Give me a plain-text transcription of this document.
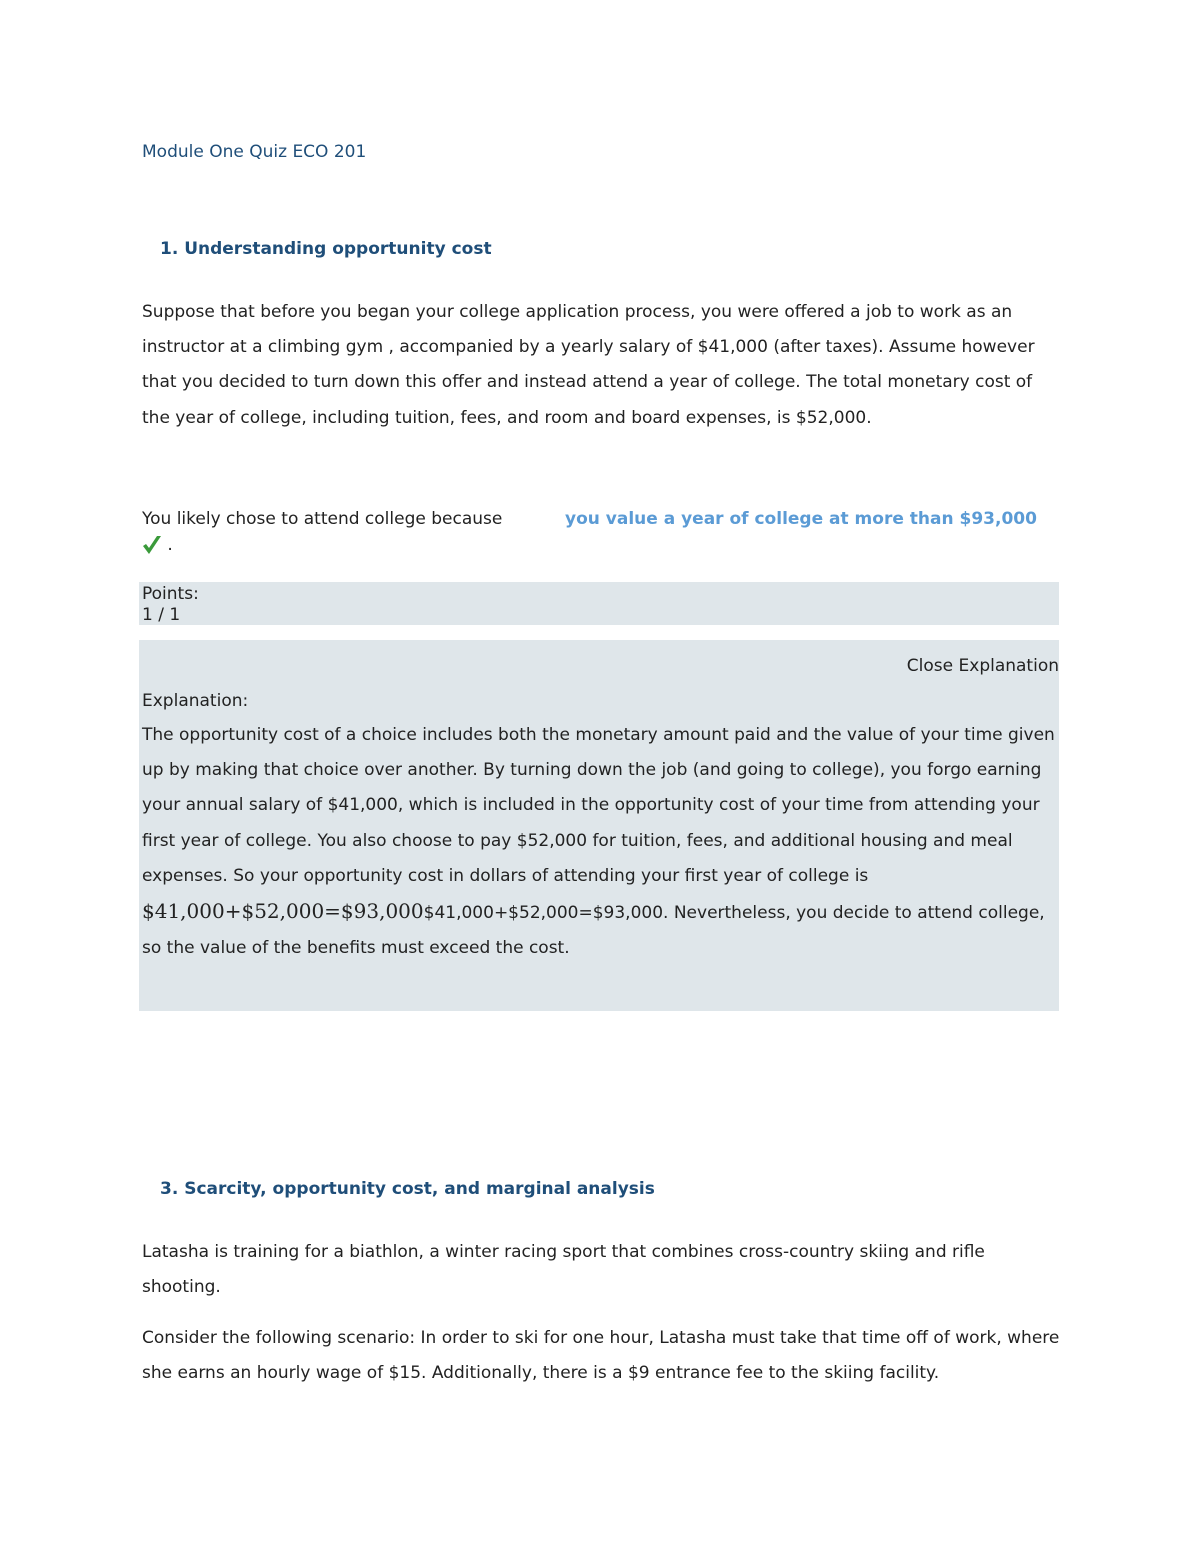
Module One Quiz ECO 201
1. Understanding opportunity cost
Suppose that before you began your college application process, you were offered a job to work as an instructor at a climbing gym , accompanied by a yearly salary of $41,000 (after taxes). Assume however that you decided to turn down this offer and instead attend a year of college. The total monetary cost of the year of college, including tuition, fees, and room and board expenses, is $52,000.
You likely chose to attend college because	you value a year of college at more than $93,000
.
Points:
1 / 1
Close Explanation
Explanation:
The opportunity cost of a choice includes both the monetary amount paid and the value of your time given up by making that choice over another. By turning down the job (and going to college), you forgo earning your annual salary of $41,000, which is included in the opportunity cost of your time from attending your first year of college. You also choose to pay $52,000 for tuition, fees, and additional housing and meal expenses. So your opportunity cost in dollars of attending your first year of college is $41,000+$52,000=$93,000$41,000+$52,000=$93,000. Nevertheless, you decide to attend college, so the value of the benefits must exceed the cost.
3. Scarcity, opportunity cost, and marginal analysis
Latasha is training for a biathlon, a winter racing sport that combines cross-country skiing and rifle shooting.
Consider the following scenario: In order to ski for one hour, Latasha must take that time off of work, where she earns an hourly wage of $15. Additionally, there is a $9 entrance fee to the skiing facility.
